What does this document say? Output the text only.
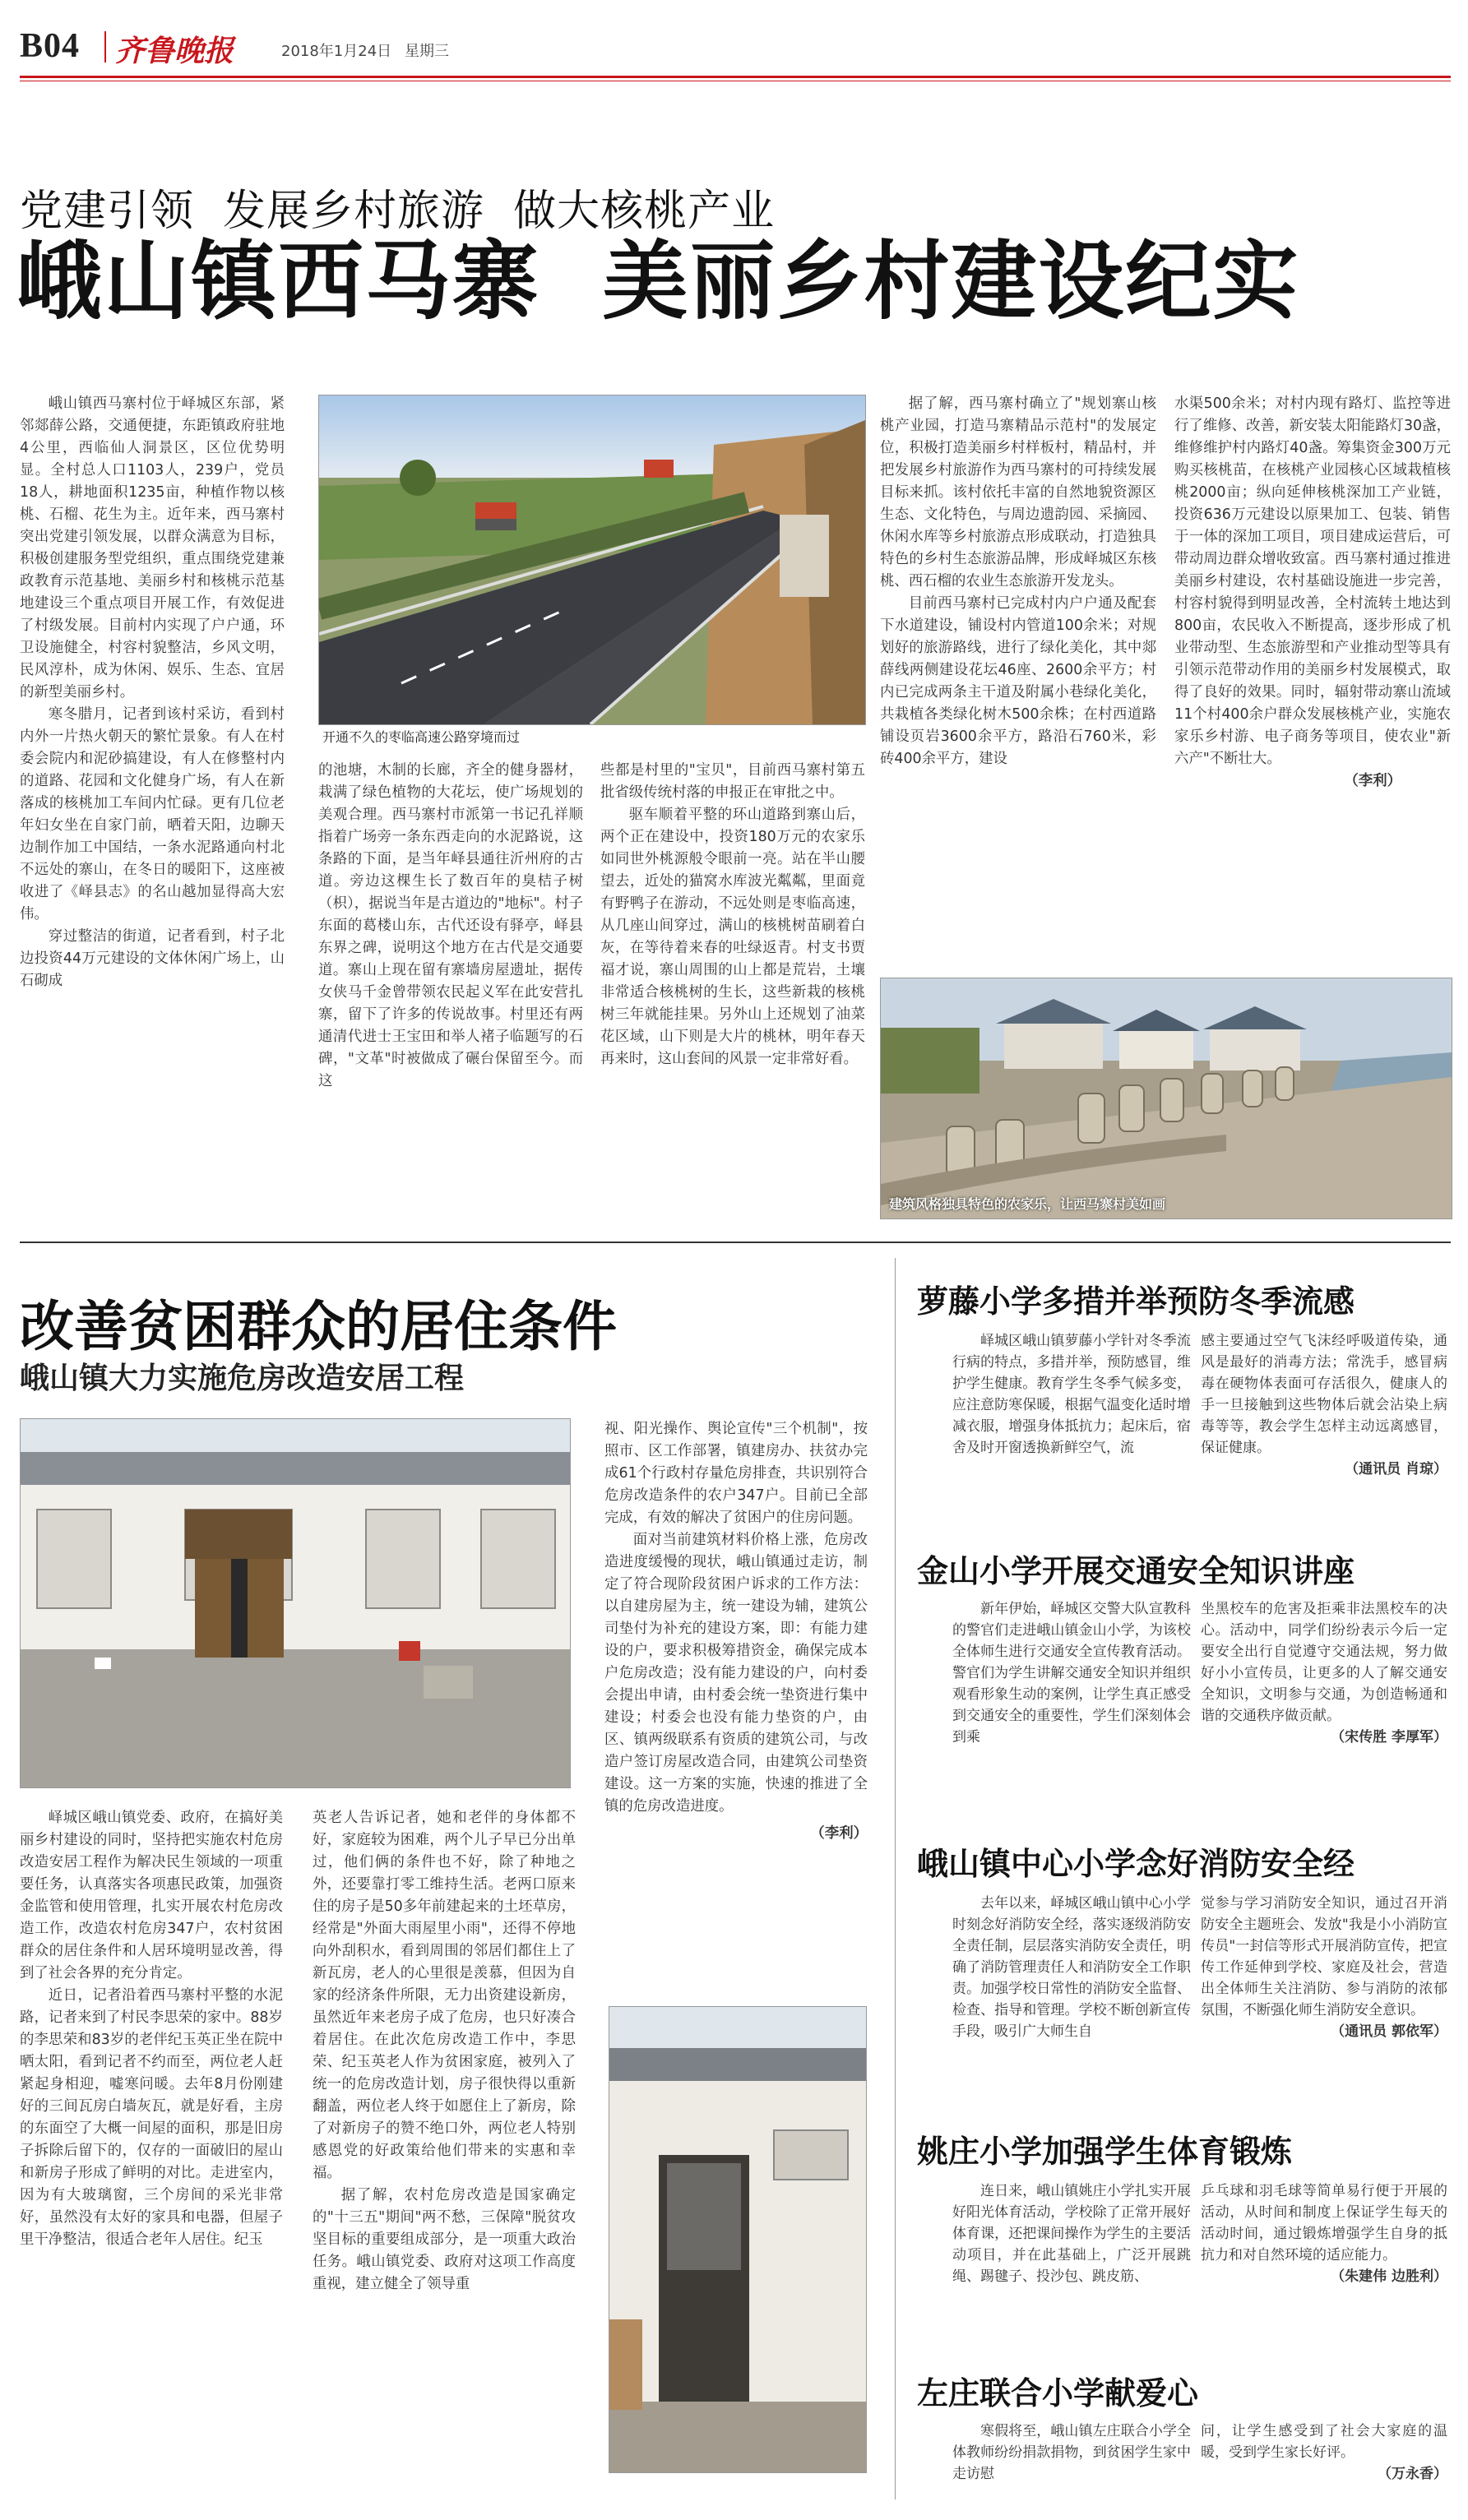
B04 齐鲁晚报	2018年1月24日 星期三
党建引领  发展乡村旅游  做大核桃产业
峨山镇西马寨  美丽乡村建设纪实
开通不久的枣临高速公路穿境而过
建筑风格独具特色的农家乐，让西马寨村美如画

峨山镇西马寨村位于峄城区东部，紧邻郯薛公路，交通便捷，东距镇政府驻地4公里，西临仙人洞景区，区位优势明显。全村总人口1103人，239户，党员18人，耕地面积1235亩，种植作物以核桃、石榴、花生为主。近年来，西马寨村突出党建引领发展，以群众满意为目标，积极创建服务型党组织，重点围绕党建兼政教育示范基地、美丽乡村和核桃示范基地建设三个重点项目开展工作，有效促进了村级发展。目前村内实现了户户通，环卫设施健全，村容村貌整洁，乡风文明，民风淳朴，成为休闲、娱乐、生态、宜居的新型美丽乡村。

寒冬腊月，记者到该村采访，看到村内外一片热火朝天的繁忙景象。有人在村委会院内和泥砂搞建设，有人在修整村内的道路、花园和文化健身广场，有人在新落成的核桃加工车间内忙碌。更有几位老年妇女坐在自家门前，晒着天阳，边聊天边制作加工中国结，一条水泥路通向村北不远处的寨山，在冬日的暖阳下，这座被收进了《峄县志》的名山越加显得高大宏伟。

穿过整洁的街道，记者看到，村子北边投资44万元建设的文体休闲广场上，山石砌成

的池塘，木制的长廊，齐全的健身器材，栽满了绿色植物的大花坛，使广场规划的美观合理。西马寨村市派第一书记孔祥顺指着广场旁一条东西走向的水泥路说，这条路的下面，是当年峄县通往沂州府的古道。旁边这棵生长了数百年的臭桔子树（枳），据说当年是古道边的"地标"。村子东面的葛楼山东，古代还设有驿亭，峄县东界之碑，说明这个地方在古代是交通要道。寨山上现在留有寨墙房屋遗址，据传女侠马千金曾带领农民起义军在此安营扎寨，留下了许多的传说故事。村里还有两通清代进士王宝田和举人褚子临题写的石碑，"文革"时被做成了碾台保留至今。而这

些都是村里的"宝贝"，目前西马寨村第五批省级传统村落的申报正在审批之中。

驱车顺着平整的环山道路到寨山后，两个正在建设中，投资180万元的农家乐如同世外桃源般令眼前一亮。站在半山腰望去，近处的猫窝水库波光粼粼，里面竟有野鸭子在游动，不远处则是枣临高速，从几座山间穿过，满山的核桃树苗刷着白灰，在等待着来春的吐绿返青。村支书贾福才说，寨山周围的山上都是荒岩，土壤非常适合核桃树的生长，这些新栽的核桃树三年就能挂果。另外山上还规划了油菜花区域，山下则是大片的桃林，明年春天再来时，这山套间的风景一定非常好看。

据了解，西马寨村确立了"规划寨山核桃产业园，打造马寨精品示范村"的发展定位，积极打造美丽乡村样板村，精品村，并把发展乡村旅游作为西马寨村的可持续发展目标来抓。该村依托丰富的自然地貌资源区生态、文化特色，与周边遗韵园、采摘园、休闲水库等乡村旅游点形成联动，打造独具特色的乡村生态旅游品牌，形成峄城区东核桃、西石榴的农业生态旅游开发龙头。

目前西马寨村已完成村内户户通及配套下水道建设，铺设村内管道100余米；对规划好的旅游路线，进行了绿化美化，其中郯薛线两侧建设花坛46座、2600余平方；村内已完成两条主干道及附属小巷绿化美化，共栽植各类绿化树木500余株；在村西道路铺设页岩3600余平方，路沿石760米，彩砖400余平方，建设

水渠500余米；对村内现有路灯、监控等进行了维修、改善，新安装太阳能路灯30盏，维修维护村内路灯40盏。筹集资金300万元购买核桃苗，在核桃产业园核心区域栽植核桃2000亩；纵向延伸核桃深加工产业链，投资636万元建设以原果加工、包装、销售于一体的深加工项目，项目建成运营后，可带动周边群众增收致富。西马寨村通过推进美丽乡村建设，农村基础设施进一步完善，村容村貌得到明显改善，全村流转土地达到800亩，农民收入不断提高，逐步形成了机业带动型、生态旅游型和产业推动型等具有引领示范带动作用的美丽乡村发展模式，取得了良好的效果。同时，辐射带动寨山流域11个村400余户群众发展核桃产业，实施农家乐乡村游、电子商务等项目，使农业"新六产"不断壮大。

（李利）

改善贫困群众的居住条件
峨山镇大力实施危房改造安居工程

峄城区峨山镇党委、政府，在搞好美丽乡村建设的同时，坚持把实施农村危房改造安居工程作为解决民生领域的一项重要任务，认真落实各项惠民政策，加强资金监管和使用管理，扎实开展农村危房改造工作，改造农村危房347户，农村贫困群众的居住条件和人居环境明显改善，得到了社会各界的充分肯定。

近日，记者沿着西马寨村平整的水泥路，记者来到了村民李思荣的家中。88岁的李思荣和83岁的老伴纪玉英正坐在院中晒太阳，看到记者不约而至，两位老人赶紧起身相迎，嘘寒问暖。去年8月份刚建好的三间瓦房白墙灰瓦，就是好看，主房的东面空了大概一间屋的面积，那是旧房子拆除后留下的，仅存的一面破旧的屋山和新房子形成了鲜明的对比。走进室内，因为有大玻璃窗，三个房间的采光非常好，虽然没有太好的家具和电器，但屋子里干净整洁，很适合老年人居住。纪玉

英老人告诉记者，她和老伴的身体都不好，家庭较为困难，两个儿子早已分出单过，他们俩的条件也不好，除了种地之外，还要靠打零工维持生活。老两口原来住的房子是50多年前建起来的土坯草房，经常是"外面大雨屋里小雨"，还得不停地向外刮积水，看到周围的邻居们都住上了新瓦房，老人的心里很是羡慕，但因为自家的经济条件所限，无力出资建设新房，虽然近年来老房子成了危房，也只好凑合着居住。在此次危房改造工作中，李思荣、纪玉英老人作为贫困家庭，被列入了统一的危房改造计划，房子很快得以重新翻盖，两位老人终于如愿住上了新房，除了对新房子的赞不绝口外，两位老人特别感恩党的好政策给他们带来的实惠和幸福。

据了解，农村危房改造是国家确定的"十三五"期间"两不愁，三保障"脱贫攻坚目标的重要组成部分，是一项重大政治任务。峨山镇党委、政府对这项工作高度重视，建立健全了领导重

视、阳光操作、舆论宣传"三个机制"，按照市、区工作部署，镇建房办、扶贫办完成61个行政村存量危房排查，共识别符合危房改造条件的农户347户。目前已全部完成，有效的解决了贫困户的住房问题。

面对当前建筑材料价格上涨，危房改造进度缓慢的现状，峨山镇通过走访，制定了符合现阶段贫困户诉求的工作方法：以自建房屋为主，统一建设为辅，建筑公司垫付为补充的建设方案，即：有能力建设的户，要求积极筹措资金，确保完成本户危房改造；没有能力建设的户，向村委会提出申请，由村委会统一垫资进行集中建设；村委会也没有能力垫资的户，由区、镇两级联系有资质的建筑公司，与改造户签订房屋改造合同，由建筑公司垫资建设。这一方案的实施，快速的推进了全镇的危房改造进度。

（李利）

萝藤小学多措并举预防冬季流感

峄城区峨山镇萝藤小学针对冬季流行病的特点，多措并举，预防感冒，维护学生健康。教育学生冬季气候多变，应注意防寒保暖，根据气温变化适时增减衣服，增强身体抵抗力；起床后，宿舍及时开窗透换新鲜空气，流

感主要通过空气飞沫经呼吸道传染，通风是最好的消毒方法；常洗手，感冒病毒在硬物体表面可存活很久，健康人的手一旦接触到这些物体后就会沾染上病毒等等，教会学生怎样主动远离感冒，保证健康。

（通讯员 肖琼）

金山小学开展交通安全知识讲座

新年伊始，峄城区交警大队宣教科的警官们走进峨山镇金山小学，为该校全体师生进行交通安全宣传教育活动。警官们为学生讲解交通安全知识并组织观看形象生动的案例，让学生真正感受到交通安全的重要性，学生们深刻体会到乘

坐黑校车的危害及拒乘非法黑校车的决心。活动中，同学们纷纷表示今后一定要安全出行自觉遵守交通法规，努力做好小小宣传员，让更多的人了解交通安全知识，文明参与交通，为创造畅通和谐的交通秩序做贡献。

（宋传胜 李厚军）

峨山镇中心小学念好消防安全经

去年以来，峄城区峨山镇中心小学时刻念好消防安全经，落实逐级消防安全责任制，层层落实消防安全责任，明确了消防管理责任人和消防安全工作职责。加强学校日常性的消防安全监督、检查、指导和管理。学校不断创新宣传手段，吸引广大师生自

觉参与学习消防安全知识，通过召开消防安全主题班会、发放"我是小小消防宣传员"一封信等形式开展消防宣传，把宣传工作延伸到学校、家庭及社会，营造出全体师生关注消防、参与消防的浓郁氛围，不断强化师生消防安全意识。

（通讯员 郭依军）

姚庄小学加强学生体育锻炼

连日来，峨山镇姚庄小学扎实开展好阳光体育活动，学校除了正常开展好体育课，还把课间操作为学生的主要活动项目，并在此基础上，广泛开展跳绳、踢毽子、投沙包、跳皮筋、

乒乓球和羽毛球等简单易行便于开展的活动，从时间和制度上保证学生每天的活动时间，通过锻炼增强学生自身的抵抗力和对自然环境的适应能力。

（朱建伟 边胜利）

左庄联合小学献爱心

寒假将至，峨山镇左庄联合小学全体教师纷纷捐款捐物，到贫困学生家中走访慰

问，让学生感受到了社会大家庭的温暖，受到学生家长好评。

（万永香）
